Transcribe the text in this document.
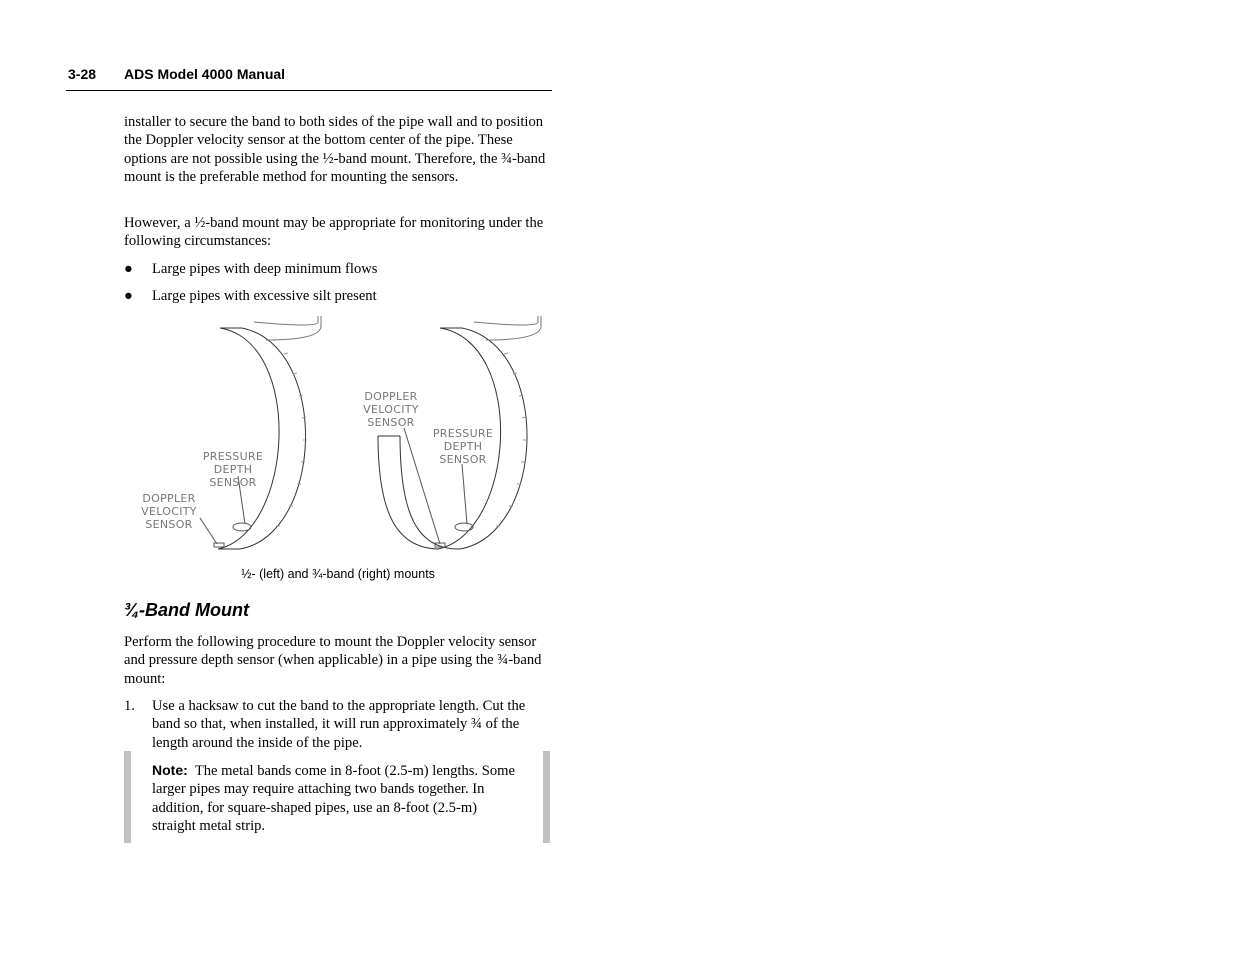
3-28 ADS Model 4000 Manual
installer to secure the band to both sides of the pipe wall and to position the Doppler velocity sensor at the bottom center of the pipe. These options are not possible using the ½-band mount. Therefore, the ¾-band mount is the preferable method for mounting the sensors.
However, a ½-band mount may be appropriate for monitoring under the following circumstances:
● Large pipes with deep minimum flows
● Large pipes with excessive silt present
PRESSURE
DEPTH
SENSOR
DOPPLER
VELOCITY
SENSOR
DOPPLER
VELOCITY
SENSOR
PRESSURE
DEPTH
SENSOR
½- (left) and ¾-band (right) mounts
¾-Band Mount
Perform the following procedure to mount the Doppler velocity sensor and pressure depth sensor (when applicable) in a pipe using the ¾-band mount:
1. Use a hacksaw to cut the band to the appropriate length. Cut the band so that, when installed, it will run approximately ¾ of the length around the inside of the pipe.
Note: The metal bands come in 8-foot (2.5-m) lengths. Some larger pipes may require attaching two bands together. In addition, for square-shaped pipes, use an 8-foot (2.5-m) straight metal strip.
